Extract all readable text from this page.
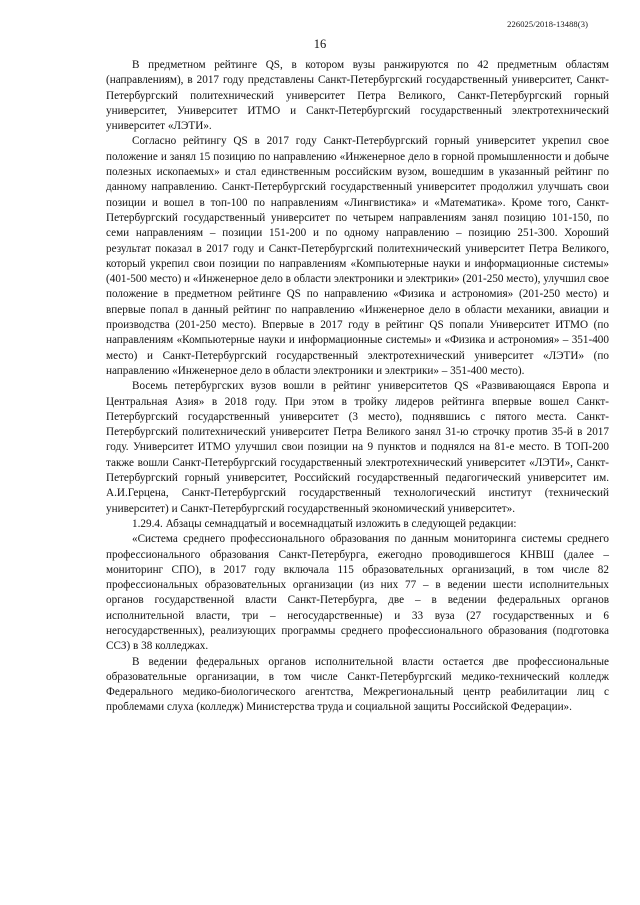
226025/2018-13488(3)
16

В предметном рейтинге QS, в котором вузы ранжируются по 42 предметным областям (направлениям), в 2017 году представлены Санкт-Петербургский государственный университет, Санкт-Петербургский политехнический университет Петра Великого, Санкт-Петербургский горный университет, Университет ИТМО и Санкт-Петербургский государственный электротехнический университет «ЛЭТИ».

Согласно рейтингу QS в 2017 году Санкт-Петербургский горный университет укрепил свое положение и занял 15 позицию по направлению «Инженерное дело в горной промышленности и добыче полезных ископаемых» и стал единственным российским вузом, вошедшим в указанный рейтинг по данному направлению. Санкт-Петербургский государственный университет продолжил улучшать свои позиции и вошел в топ-100 по направлениям «Лингвистика» и «Математика». Кроме того, Санкт-Петербургский государственный университет по четырем направлениям занял позицию 101-150, по семи направлениям – позиции 151-200 и по одному направлению – позицию 251-300. Хороший результат показал в 2017 году и Санкт-Петербургский политехнический университет Петра Великого, который укрепил свои позиции по направлениям «Компьютерные науки и информационные системы» (401-500 место) и «Инженерное дело в области электроники и электрики» (201-250 место), улучшил свое положение в предметном рейтинге QS по направлению «Физика и астрономия» (201-250 место) и впервые попал в данный рейтинг по направлению «Инженерное дело в области механики, авиации и производства (201-250 место). Впервые в 2017 году в рейтинг QS попали Университет ИТМО (по направлениям «Компьютерные науки и информационные системы» и «Физика и астрономия» – 351-400 место) и Санкт-Петербургский государственный электротехнический университет «ЛЭТИ» (по направлению «Инженерное дело в области электроники и электрики» – 351-400 место).

Восемь петербургских вузов вошли в рейтинг университетов QS «Развивающаяся Европа и Центральная Азия» в 2018 году. При этом в тройку лидеров рейтинга впервые вошел Санкт-Петербургский государственный университет (3 место), поднявшись с пятого места. Санкт-Петербургский политехнический университет Петра Великого занял 31-ю строчку против 35-й в 2017 году. Университет ИТМО улучшил свои позиции на 9 пунктов и поднялся на 81-е место. В ТОП-200 также вошли Санкт-Петербургский государственный электротехнический университет «ЛЭТИ», Санкт-Петербургский горный университет, Российский государственный педагогический университет им. А.И.Герцена, Санкт-Петербургский государственный технологический институт (технический университет) и Санкт-Петербургский государственный экономический университет».

1.29.4. Абзацы семнадцатый и восемнадцатый изложить в следующей редакции:

«Система среднего профессионального образования по данным мониторинга системы среднего профессионального образования Санкт-Петербурга, ежегодно проводившегося КНВШ (далее – мониторинг СПО), в 2017 году включала 115 образовательных организаций, в том числе 82 профессиональных образовательных организации (из них 77 – в ведении шести исполнительных органов государственной власти Санкт-Петербурга, две – в ведении федеральных органов исполнительной власти, три – негосударственные) и 33 вуза (27 государственных и 6 негосударственных), реализующих программы среднего профессионального образования (подготовка ССЗ) в 38 колледжах.

В ведении федеральных органов исполнительной власти остается две профессиональные образовательные организации, в том числе Санкт-Петербургский медико-технический колледж Федерального медико-биологического агентства, Межрегиональный центр реабилитации лиц с проблемами слуха (колледж) Министерства труда и социальной защиты Российской Федерации».
